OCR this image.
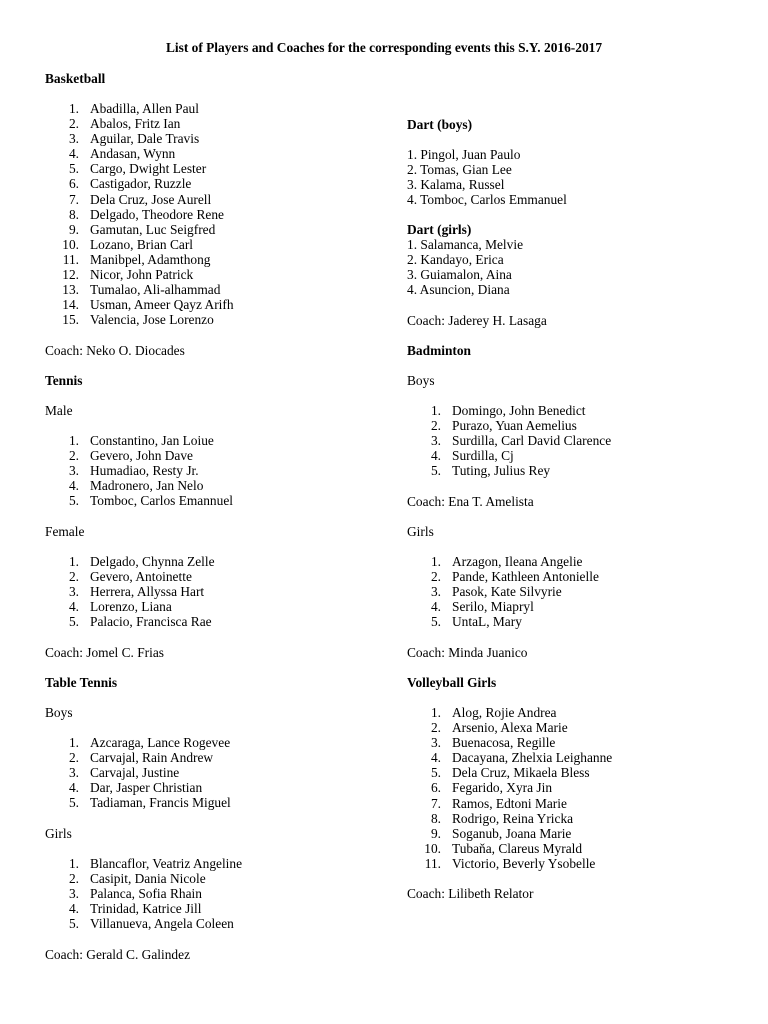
List of Players and Coaches for the corresponding events this S.Y. 2016-2017
Basketball
1. Abadilla, Allen Paul
2. Abalos, Fritz Ian
3. Aguilar, Dale Travis
4. Andasan, Wynn
5. Cargo, Dwight Lester
6. Castigador, Ruzzle
7. Dela Cruz, Jose Aurell
8. Delgado, Theodore Rene
9. Gamutan, Luc Seigfred
10. Lozano, Brian Carl
11. Manibpel, Adamthong
12. Nicor, John Patrick
13. Tumalao, Ali-alhammad
14. Usman, Ameer Qayz Arifh
15. Valencia, Jose Lorenzo
Coach: Neko O. Diocades
Tennis
Male
1. Constantino, Jan Loiue
2. Gevero, John Dave
3. Humadiao, Resty Jr.
4. Madronero, Jan Nelo
5. Tomboc, Carlos Emannuel
Female
1. Delgado, Chynna Zelle
2. Gevero, Antoinette
3. Herrera, Allyssa Hart
4. Lorenzo, Liana
5. Palacio, Francisca Rae
Coach: Jomel C. Frias
Table Tennis
Boys
1. Azcaraga, Lance Rogevee
2. Carvajal, Rain Andrew
3. Carvajal, Justine
4. Dar, Jasper Christian
5. Tadiaman, Francis Miguel
Girls
1. Blancaflor, Veatriz Angeline
2. Casipit, Dania Nicole
3. Palanca, Sofia Rhain
4. Trinidad, Katrice Jill
5. Villanueva, Angela Coleen
Coach: Gerald C. Galindez
Dart (boys)
1. Pingol, Juan Paulo
2. Tomas, Gian Lee
3. Kalama, Russel
4. Tomboc, Carlos Emmanuel
Dart (girls)
1. Salamanca, Melvie
2. Kandayo, Erica
3. Guiamalon, Aina
4. Asuncion, Diana
Coach: Jaderey H. Lasaga
Badminton
Boys
1. Domingo, John Benedict
2. Purazo, Yuan Aemelius
3. Surdilla, Carl David Clarence
4. Surdilla, Cj
5. Tuting, Julius Rey
Coach: Ena T. Amelista
Girls
1. Arzagon, Ileana Angelie
2. Pande, Kathleen Antonielle
3. Pasok, Kate Silvyrie
4. Serilo, Miapryl
5. UntaL, Mary
Coach: Minda Juanico
Volleyball Girls
1. Alog, Rojie Andrea
2. Arsenio, Alexa Marie
3. Buenacosa, Regille
4. Dacayana, Zhelxia Leighanne
5. Dela Cruz, Mikaela Bless
6. Fegarido, Xyra Jin
7. Ramos, Edtoni Marie
8. Rodrigo, Reina Yricka
9. Soganub, Joana Marie
10. Tubaňa, Clareus Myrald
11. Victorio, Beverly Ysobelle
Coach: Lilibeth Relator
